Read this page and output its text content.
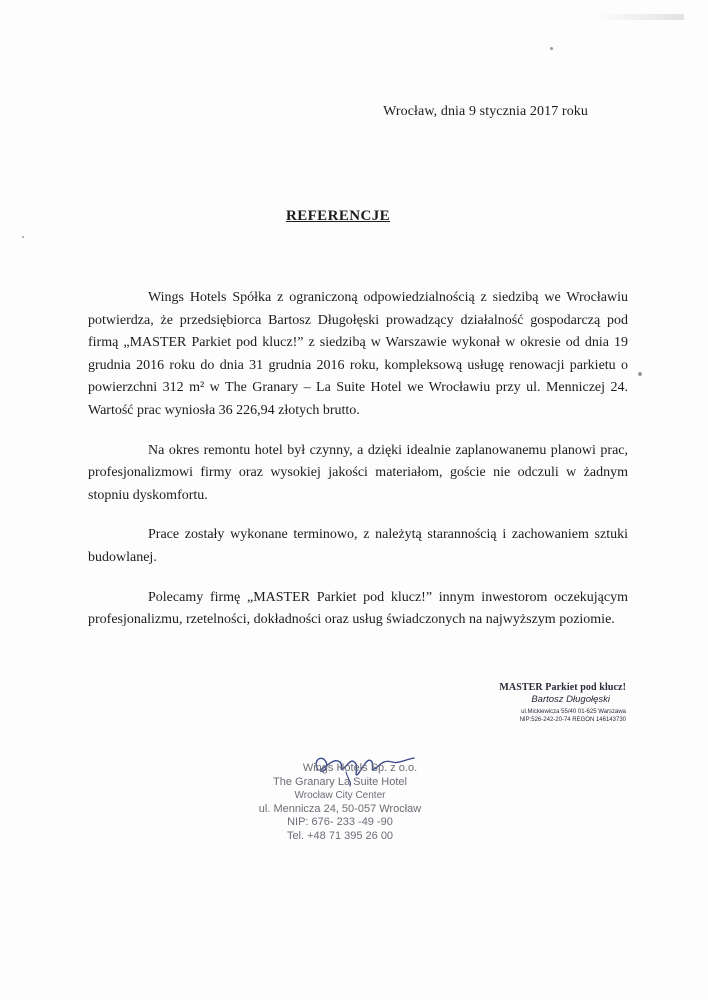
Wrocław, dnia 9 stycznia 2017 roku
REFERENCJE

Wings Hotels Spółka z ograniczoną odpowiedzialnością z siedzibą we Wrocławiu potwierdza, że przedsiębiorca Bartosz Długołęski prowadzący działalność gospodarczą pod firmą „MASTER Parkiet pod klucz!” z siedzibą w Warszawie wykonał w okresie od dnia 19 grudnia 2016 roku do dnia 31 grudnia 2016 roku, kompleksową usługę renowacji parkietu o powierzchni 312 m² w The Granary – La Suite Hotel we Wrocławiu przy ul. Menniczej 24. Wartość prac wyniosła 36 226,94 złotych brutto.

Na okres remontu hotel był czynny, a dzięki idealnie zaplanowanemu planowi prac, profesjonalizmowi firmy oraz wysokiej jakości materiałom, goście nie odczuli w żadnym stopniu dyskomfortu.

Prace zostały wykonane terminowo, z należytą starannością i zachowaniem sztuki budowlanej.

Polecamy firmę „MASTER Parkiet pod klucz!” innym inwestorom oczekującym profesjonalizmu, rzetelności, dokładności oraz usług świadczonych na najwyższym poziomie.

MASTER Parkiet pod klucz!
Bartosz Długołęski
ul.Mickiewicza 55/40 01-625 Warszawa
NIP:526-242-20-74 REGON 146143730
Wings Hotels Sp. z o.o.
The Granary La Suite Hotel
Wrocław City Center
ul. Mennicza 24, 50-057 Wrocław
NIP: 676- 233 -49 -90
Tel. +48 71 395 26 00
